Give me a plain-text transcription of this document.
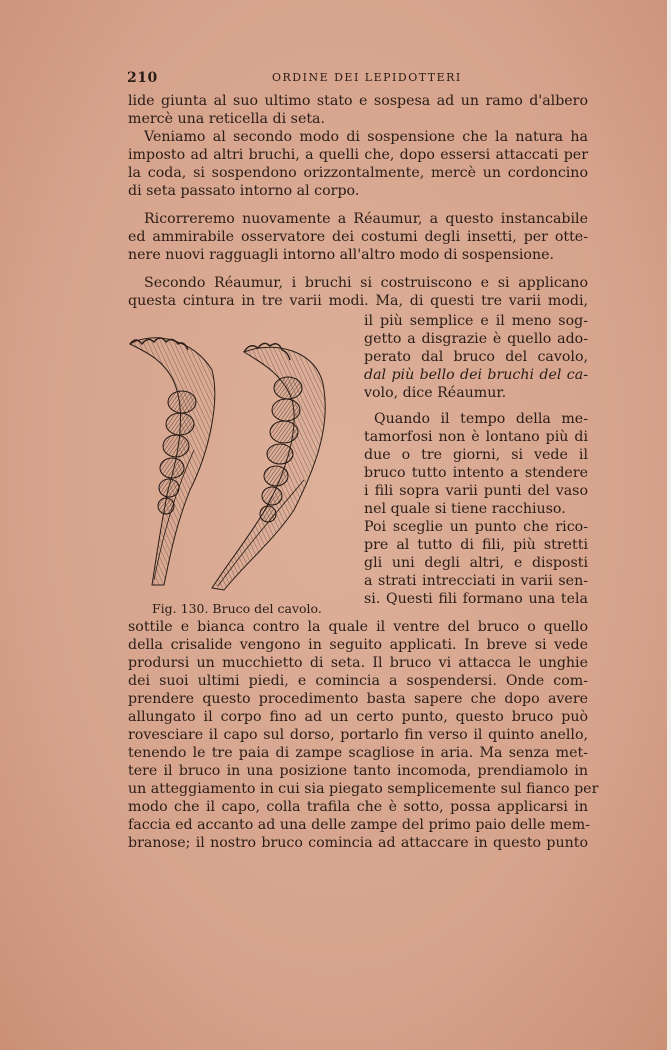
210	ORDINE DEI LEPIDOTTERI
lide giunta al suo ultimo stato e sospesa ad un ramo d'albero
mercè una reticella di seta.
Veniamo al secondo modo di sospensione che la natura ha
imposto ad altri bruchi, a quelli che, dopo essersi attaccati per
la coda, si sospendono orizzontalmente, mercè un cordoncino
di seta passato intorno al corpo.
Ricorreremo nuovamente a Réaumur, a questo instancabile
ed ammirabile osservatore dei costumi degli insetti, per otte-
nere nuovi ragguagli intorno all'altro modo di sospensione.
Secondo Réaumur, i bruchi si costruiscono e si applicano
questa cintura in tre varii modi. Ma, di questi tre varii modi,
Fig. 130. Bruco del cavolo.
il più semplice e il meno sog-
getto a disgrazie è quello ado-
perato dal bruco del cavolo,
dal più bello dei bruchi del ca-
volo, dice Réaumur.
Quando il tempo della me-
tamorfosi non è lontano più di
due o tre giorni, si vede il
bruco tutto intento a stendere
i fili sopra varii punti del vaso
nel quale si tiene racchiuso.
Poi sceglie un punto che rico-
pre al tutto di fili, più stretti
gli uni degli altri, e disposti
a strati intrecciati in varii sen-
si. Questi fili formano una tela
sottile e bianca contro la quale il ventre del bruco o quello
della crisalide vengono in seguito applicati. In breve si vede
prodursi un mucchietto di seta. Il bruco vi attacca le unghie
dei suoi ultimi piedi, e comincia a sospendersi. Onde com-
prendere questo procedimento basta sapere che dopo avere
allungato il corpo fino ad un certo punto, questo bruco può
rovesciare il capo sul dorso, portarlo fin verso il quinto anello,
tenendo le tre paia di zampe scagliose in aria. Ma senza met-
tere il bruco in una posizione tanto incomoda, prendiamolo in
un atteggiamento in cui sia piegato semplicemente sul fianco per
modo che il capo, colla trafila che è sotto, possa applicarsi in
faccia ed accanto ad una delle zampe del primo paio delle mem-
branose; il nostro bruco comincia ad attaccare in questo punto
